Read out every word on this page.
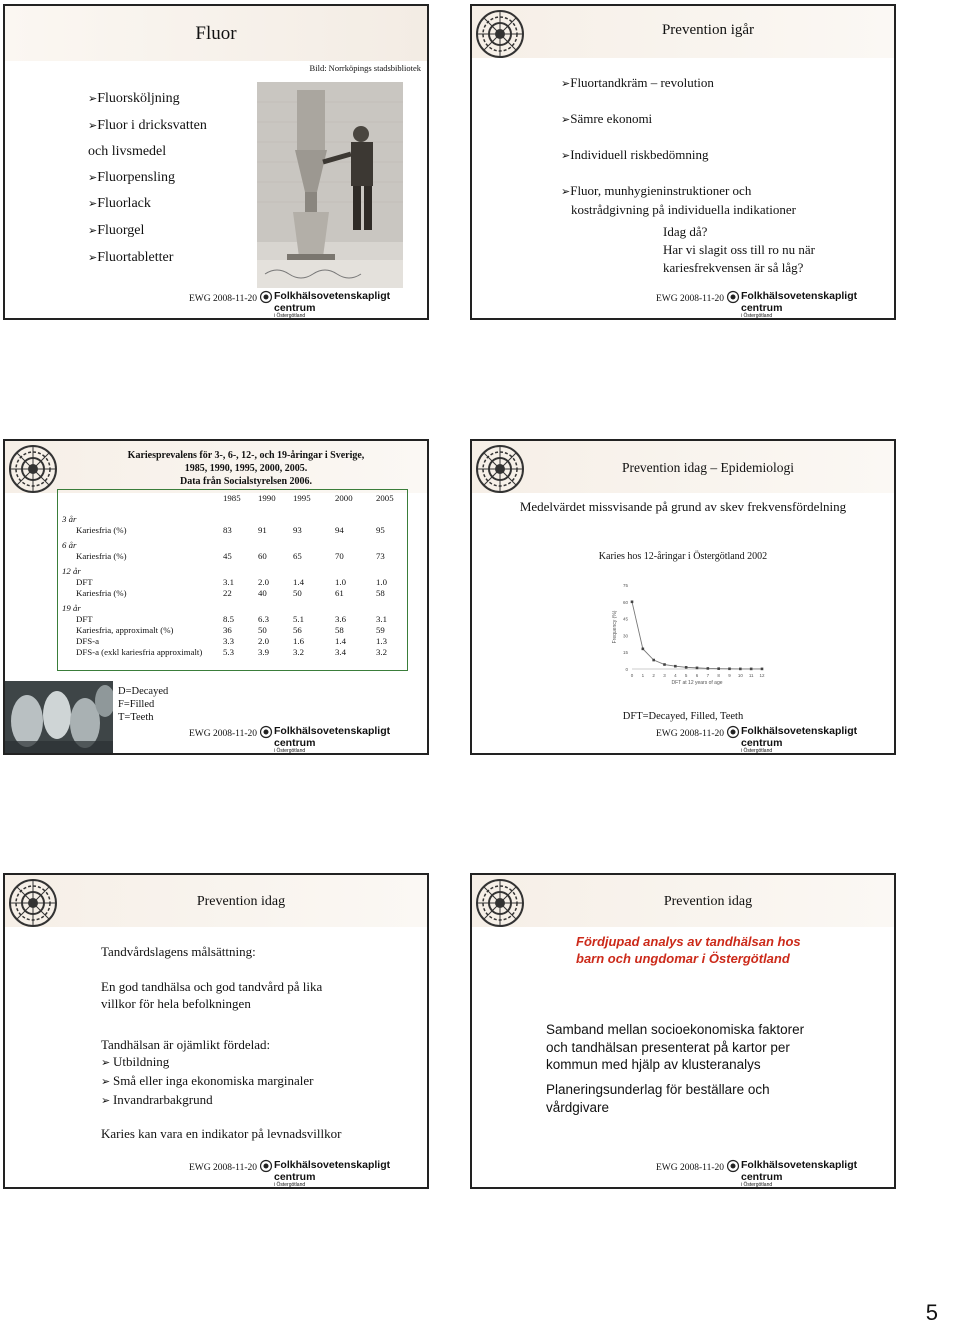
Fluor
Bild: Norrköpings stadsbibliotek
➢Fluorsköljning
➢Fluor i dricksvatten
och livsmedel
➢Fluorpensling
➢Fluorlack
➢Fluorgel
➢Fluortabletter
EWG 2008-11-20 Folkhälsovetenskapligt centrum
i Östergötland
Prevention igår
➢Fluortandkräm – revolution
➢Sämre ekonomi
➢Individuell riskbedömning
➢Fluor, munhygieninstruktioner och
kostrådgivning på individuella indikationer
Idag då?
Har vi slagit oss till ro nu när
kariesfrekvensen är så låg?
EWG 2008-11-20 Folkhälsovetenskapligt centrum
i Östergötland
Kariesprevalens för 3-, 6-, 12-, och 19-åringar i Sverige,
1985, 1990, 1995, 2000, 2005.
Data från Socialstyrelsen 2006.
	1985	1990	1995	2000	2005

3 år					
Kariesfria (%)	83	91	93	94	95

6 år					
Kariesfria (%)	45	60	65	70	73

12 år					
DFT	3.1	2.0	1.4	1.0	1.0
Kariesfria (%)	22	40	50	61	58

19 år					
DFT	8.5	6.3	5.1	3.6	3.1
Kariesfria, approximalt (%)	36	50	56	58	59
DFS-a	3.3	2.0	1.6	1.4	1.3
DFS-a (exkl kariesfria approximalt)	5.3	3.9	3.2	3.4	3.2
D=Decayed
F=Filled
T=Teeth
EWG 2008-11-20 Folkhälsovetenskapligt centrum
i Östergötland
Prevention idag – Epidemiologi
Medelvärdet missvisande på grund av skev frekvensfördelning
Karies hos 12-åringar i Östergötland 2002
0
15
30
45
60
75
0 1 2 3 4 5 6 7 8 9 10 11 12
DFT at 12 years of age
Frequency (%)
DFT=Decayed, Filled, Teeth
EWG 2008-11-20 Folkhälsovetenskapligt centrum
i Östergötland
Prevention idag
Tandvårdslagens målsättning:
En god tandhälsa och god tandvård på lika
villkor för hela befolkningen
Tandhälsan är ojämlikt fördelad:
➢ Utbildning
➢ Små eller inga ekonomiska marginaler
➢ Invandrarbakgrund
Karies kan vara en indikator på levnadsvillkor
EWG 2008-11-20 Folkhälsovetenskapligt centrum
i Östergötland
Prevention idag
Fördjupad analys av tandhälsan hos
barn och ungdomar i Östergötland
Samband mellan socioekonomiska faktorer
och tandhälsan presenterat på kartor per
kommun med hjälp av klusteranalys
Planeringsunderlag för beställare och
vårdgivare
EWG 2008-11-20 Folkhälsovetenskapligt centrum
i Östergötland
5
